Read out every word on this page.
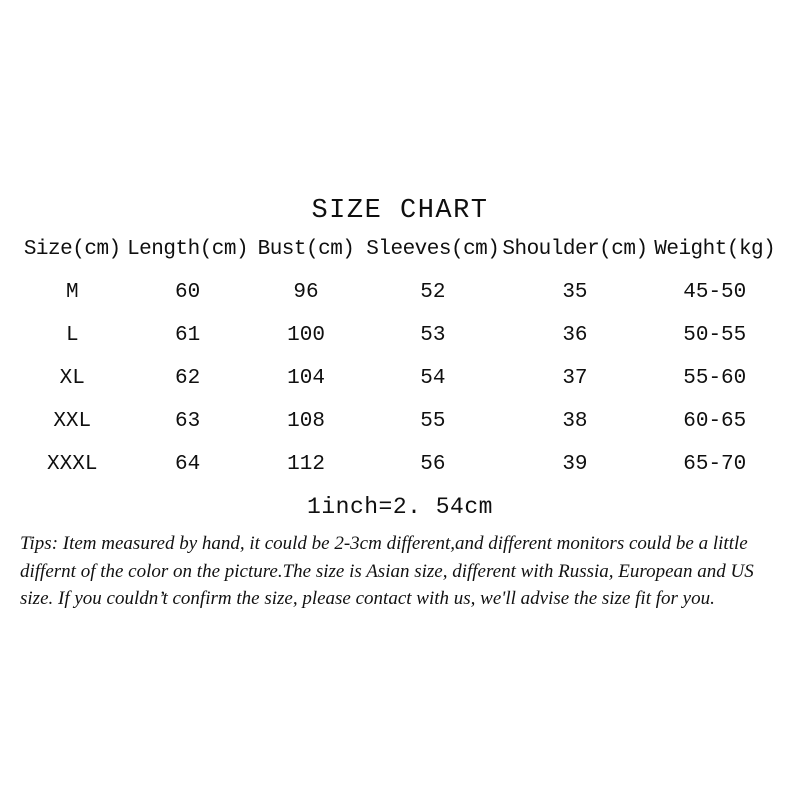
SIZE CHART
Size(cm)	Length(cm)	Bust(cm)	Sleeves(cm)	Shoulder(cm)	Weight(kg)
M	60	96	52	35	45-50
L	61	100	53	36	50-55
XL	62	104	54	37	55-60
XXL	63	108	55	38	60-65
XXXL	64	112	56	39	65-70
1inch=2. 54cm
Tips: Item measured by hand, it could be 2-3cm different,and different monitors could be a little differnt of the color on the picture.The size is Asian size, different with Russia, European and US size. If you couldn’t confirm the size, please contact with us, we'll advise the size fit for you.
